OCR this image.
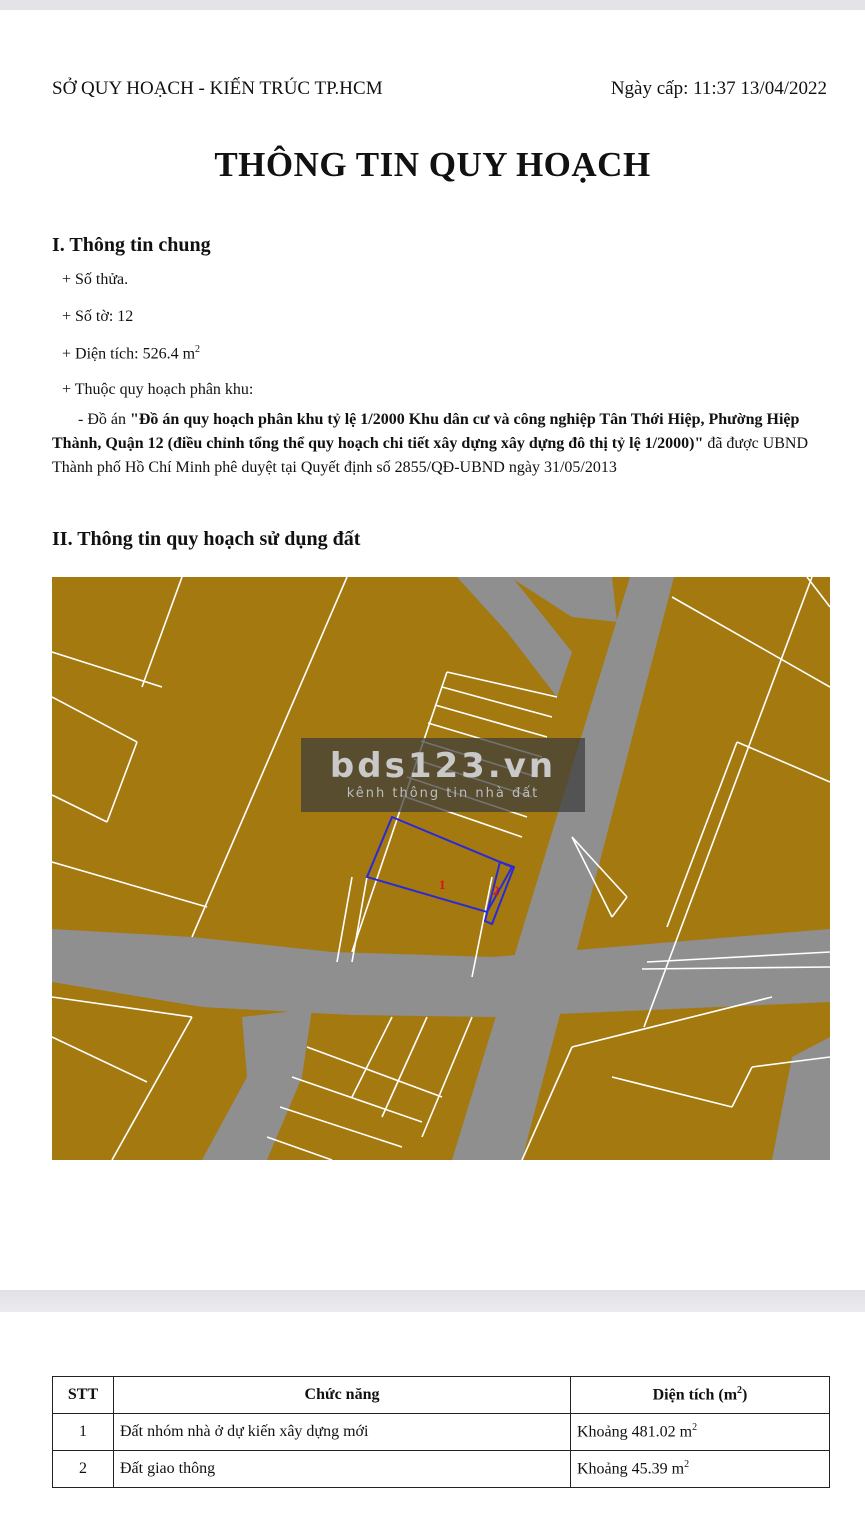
SỞ QUY HOẠCH - KIẾN TRÚC TP.HCM	Ngày cấp: 11:37 13/04/2022
THÔNG TIN QUY HOẠCH
I. Thông tin chung
+ Số thửa.
+ Số tờ: 12
+ Diện tích: 526.4 $m^2$
+ Thuộc quy hoạch phân khu:
- Đồ án "Đồ án quy hoạch phân khu tỷ lệ 1/2000 Khu dân cư và công nghiệp Tân Thới Hiệp, Phường Hiệp Thành, Quận 12 (điều chỉnh tổng thể quy hoạch chi tiết xây dựng xây dựng đô thị tỷ lệ 1/2000)" đã được UBND Thành phố Hồ Chí Minh phê duyệt tại Quyết định số 2855/QĐ-UBND ngày 31/05/2013
II. Thông tin quy hoạch sử dụng đất
1	2
bds123.vn
kênh thông tin nhà đất
STT	Chức năng	Diện tích $(m^2)$
1	Đất nhóm nhà ở dự kiến xây dựng mới	Khoảng 481.02 $m^2$
2	Đất giao thông	Khoảng 45.39 $m^2$
